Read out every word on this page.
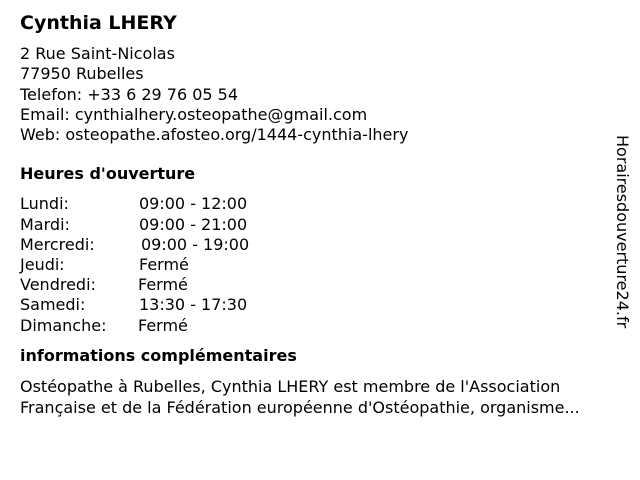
Cynthia LHERY
2 Rue Saint-Nicolas
77950 Rubelles
Telefon: +33 6 29 76 05 54
Email: cynthialhery.osteopathe@gmail.com
Web: osteopathe.afosteo.org/1444-cynthia-lhery
Heures d'ouverture
Lundi:	09:00 - 12:00
Mardi:	09:00 - 21:00
Mercredi:	09:00 - 19:00
Jeudi:	Fermé
Vendredi:	Fermé
Samedi:	13:30 - 17:30
Dimanche: Fermé
informations complémentaires
Ostéopathe à Rubelles, Cynthia LHERY est membre de l'Association
Française et de la Fédération européenne d'Ostéopathie, organisme...
Horairesdouverture24.fr
